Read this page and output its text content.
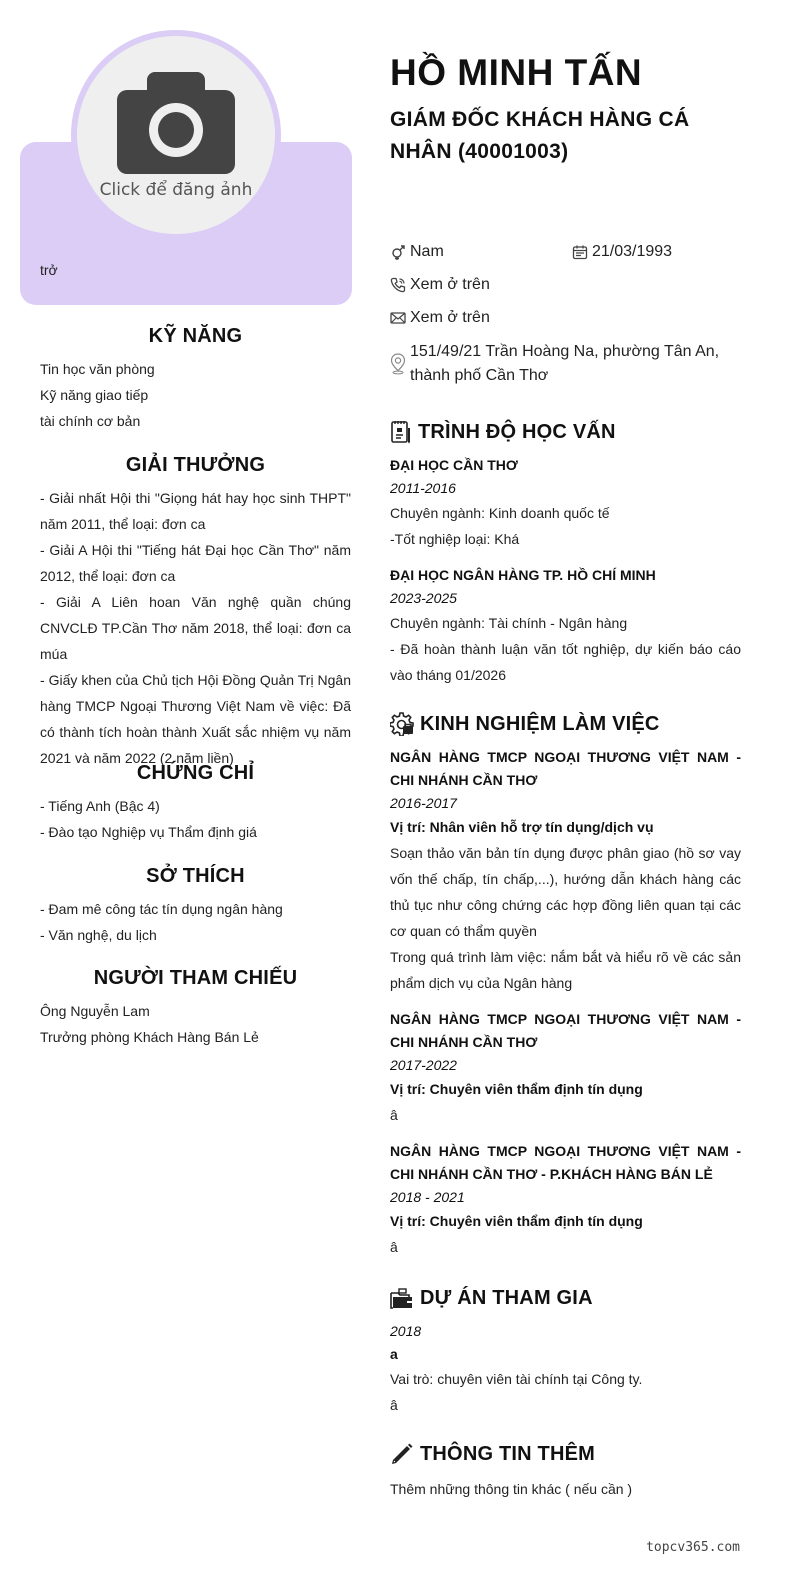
Click để đăng ảnh
trở
KỸ NĂNG

Tin học văn phòng

Kỹ năng giao tiếp

tài chính cơ bản

GIẢI THƯỞNG

- Giải nhất Hội thi "Giọng hát hay học sinh THPT" năm 2011, thể loại: đơn ca

- Giải A Hội thi "Tiếng hát Đại học Cần Thơ" năm 2012, thể loại: đơn ca

- Giải A Liên hoan Văn nghệ quần chúng CNVCLĐ TP.Cần Thơ năm 2018, thể loại: đơn ca múa

- Giấy khen của Chủ tịch Hội Đồng Quản Trị Ngân hàng TMCP Ngoại Thương Việt Nam về việc: Đã có thành tích hoàn thành Xuất sắc nhiệm vụ năm 2021 và năm 2022 (2 năm liền)

CHỨNG CHỈ

- Tiếng Anh (Bậc 4)

- Đào tạo Nghiệp vụ Thẩm định giá

SỞ THÍCH

- Đam mê công tác tín dụng ngân hàng

- Văn nghệ, du lịch

NGƯỜI THAM CHIẾU

Ông Nguyễn Lam

Trưởng phòng Khách Hàng Bán Lẻ

HỒ MINH TẤN
GIÁM ĐỐC KHÁCH HÀNG CÁ NHÂN (40001003)
Nam	21/03/1993
Xem ở trên
Xem ở trên
151/49/21 Trần Hoàng Na, phường Tân An, thành phố Cần Thơ
TRÌNH ĐỘ HỌC VẤN
ĐẠI HỌC CẦN THƠ
2011-2016
Chuyên ngành: Kinh doanh quốc tế
-Tốt nghiệp loại: Khá
ĐẠI HỌC NGÂN HÀNG TP. HỒ CHÍ MINH
2023-2025
Chuyên ngành: Tài chính - Ngân hàng
- Đã hoàn thành luận văn tốt nghiệp, dự kiến báo cáo vào tháng 01/2026
KINH NGHIỆM LÀM VIỆC
NGÂN HÀNG TMCP NGOẠI THƯƠNG VIỆT NAM - CHI NHÁNH CẦN THƠ
2016-2017
Vị trí: Nhân viên hỗ trợ tín dụng/dịch vụ
Soạn thảo văn bản tín dụng được phân giao (hồ sơ vay vốn thế chấp, tín chấp,...), hướng dẫn khách hàng các thủ tục như công chứng các hợp đồng liên quan tại các cơ quan có thẩm quyền
Trong quá trình làm việc: nắm bắt và hiểu rõ về các sản phẩm dịch vụ của Ngân hàng
NGÂN HÀNG TMCP NGOẠI THƯƠNG VIỆT NAM - CHI NHÁNH CẦN THƠ
2017-2022
Vị trí: Chuyên viên thẩm định tín dụng
â
NGÂN HÀNG TMCP NGOẠI THƯƠNG VIỆT NAM - CHI NHÁNH CẦN THƠ - P.KHÁCH HÀNG BÁN LẺ
2018 - 2021
Vị trí: Chuyên viên thẩm định tín dụng
â
DỰ ÁN THAM GIA
2018
a
Vai trò: chuyên viên tài chính tại Công ty.
â
THÔNG TIN THÊM
Thêm những thông tin khác ( nếu cần )
topcv365.com
